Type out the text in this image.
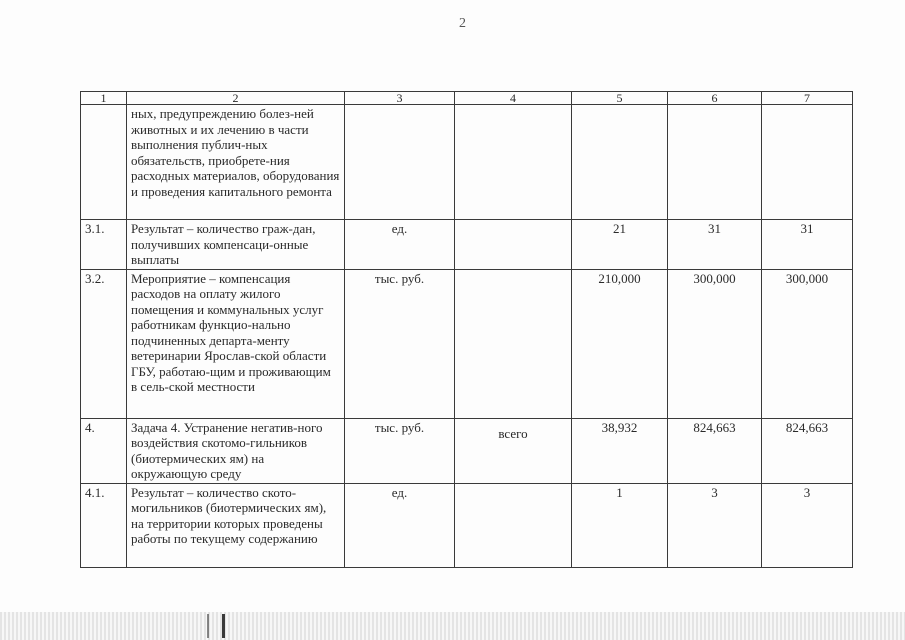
2
1	2	3	4	5	6	7
	ных, предупреждению болез-ней животных и их лечению в части выполнения публич-ных обязательств, приобрете-ния расходных материалов, оборудования и проведения капитального ремонта					
3.1.	Результат – количество граж-дан, получивших компенсаци-онные выплаты	ед.		21	31	31
3.2.	Мероприятие – компенсация расходов на оплату жилого помещения и коммунальных услуг работникам функцио-нально подчиненных департа-менту ветеринарии Ярослав-ской области ГБУ, работаю-щим и проживающим в сель-ской местности	тыс. руб.		210,000	300,000	300,000
4.	Задача 4. Устранение негатив-ного воздействия скотомо-гильников (биотермических ям) на окружающую среду	тыс. руб.	всего	38,932	824,663	824,663
4.1.	Результат – количество ското-могильников (биотермических ям), на территории которых проведены работы по текущему содержанию	ед.		1	3	3
